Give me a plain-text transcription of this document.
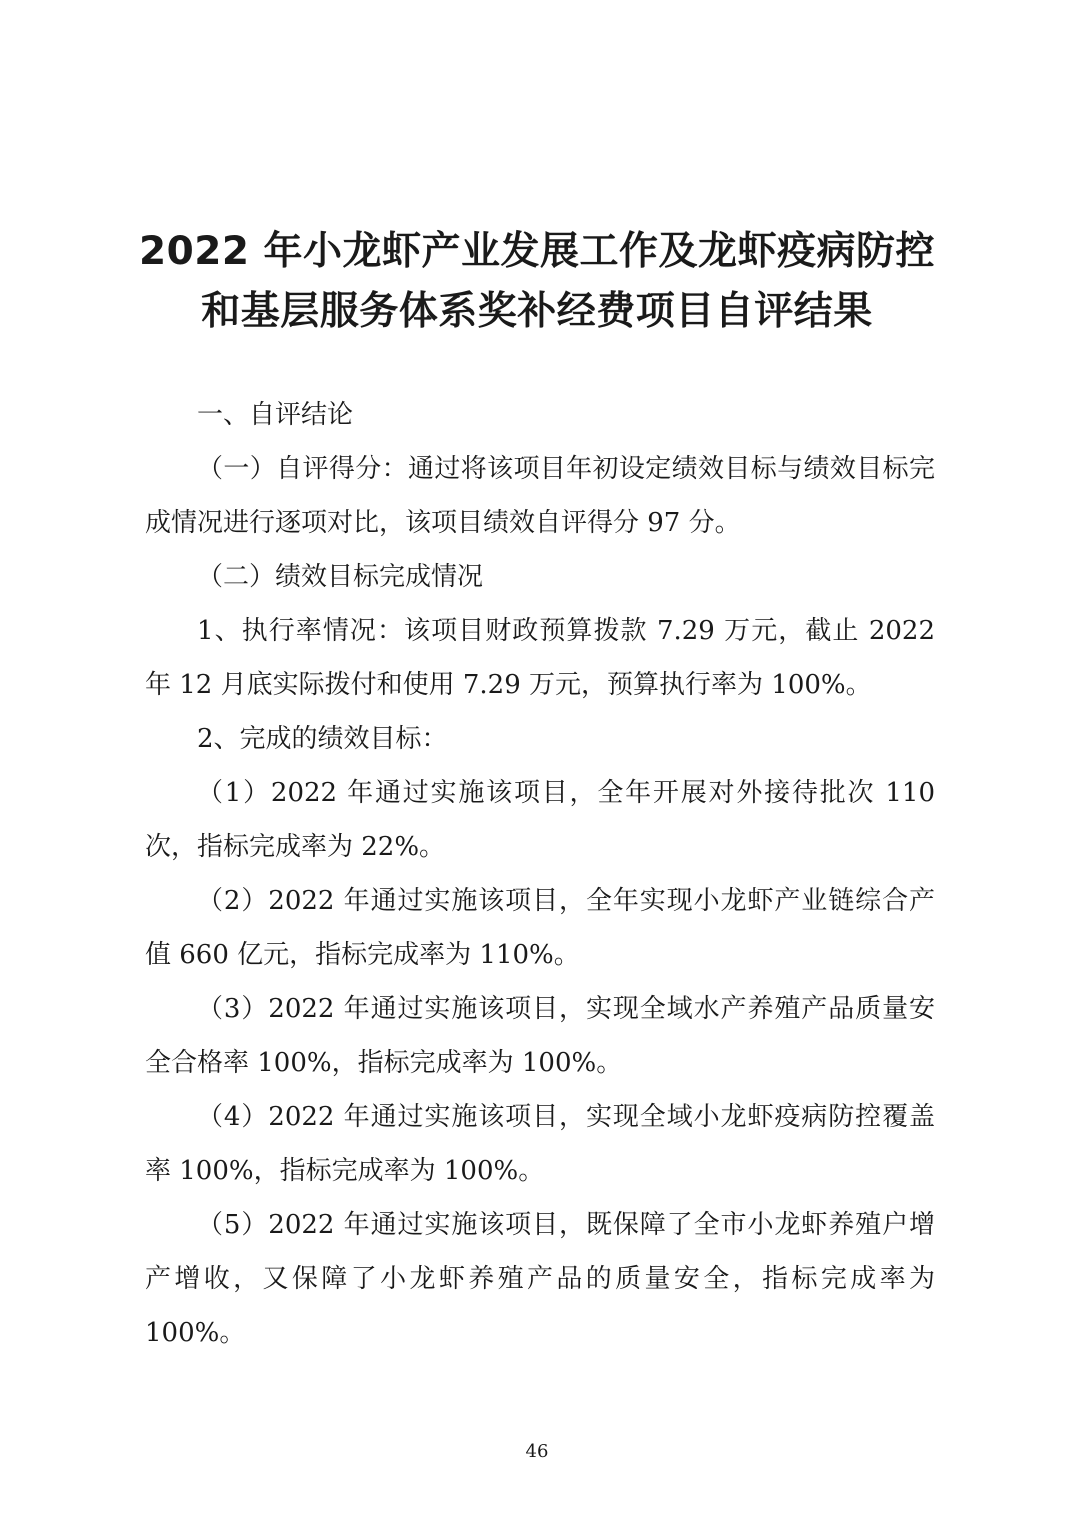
2022 年小龙虾产业发展工作及龙虾疫病防控
和基层服务体系奖补经费项目自评结果

一、自评结论

（一）自评得分：通过将该项目年初设定绩效目标与绩效目标完成情况进行逐项对比，该项目绩效自评得分 97 分。

（二）绩效目标完成情况

1、执行率情况：该项目财政预算拨款 7.29 万元，截止 2022 年 12 月底实际拨付和使用 7.29 万元，预算执行率为 100%。

2、完成的绩效目标：

（1）2022 年通过实施该项目，全年开展对外接待批次 110 次，指标完成率为 22%。

（2）2022 年通过实施该项目，全年实现小龙虾产业链综合产值 660 亿元，指标完成率为 110%。

（3）2022 年通过实施该项目，实现全域水产养殖产品质量安全合格率 100%，指标完成率为 100%。

（4）2022 年通过实施该项目，实现全域小龙虾疫病防控覆盖率 100%，指标完成率为 100%。

（5）2022 年通过实施该项目，既保障了全市小龙虾养殖户增产增收，又保障了小龙虾养殖产品的质量安全，指标完成率为 100%。

46
